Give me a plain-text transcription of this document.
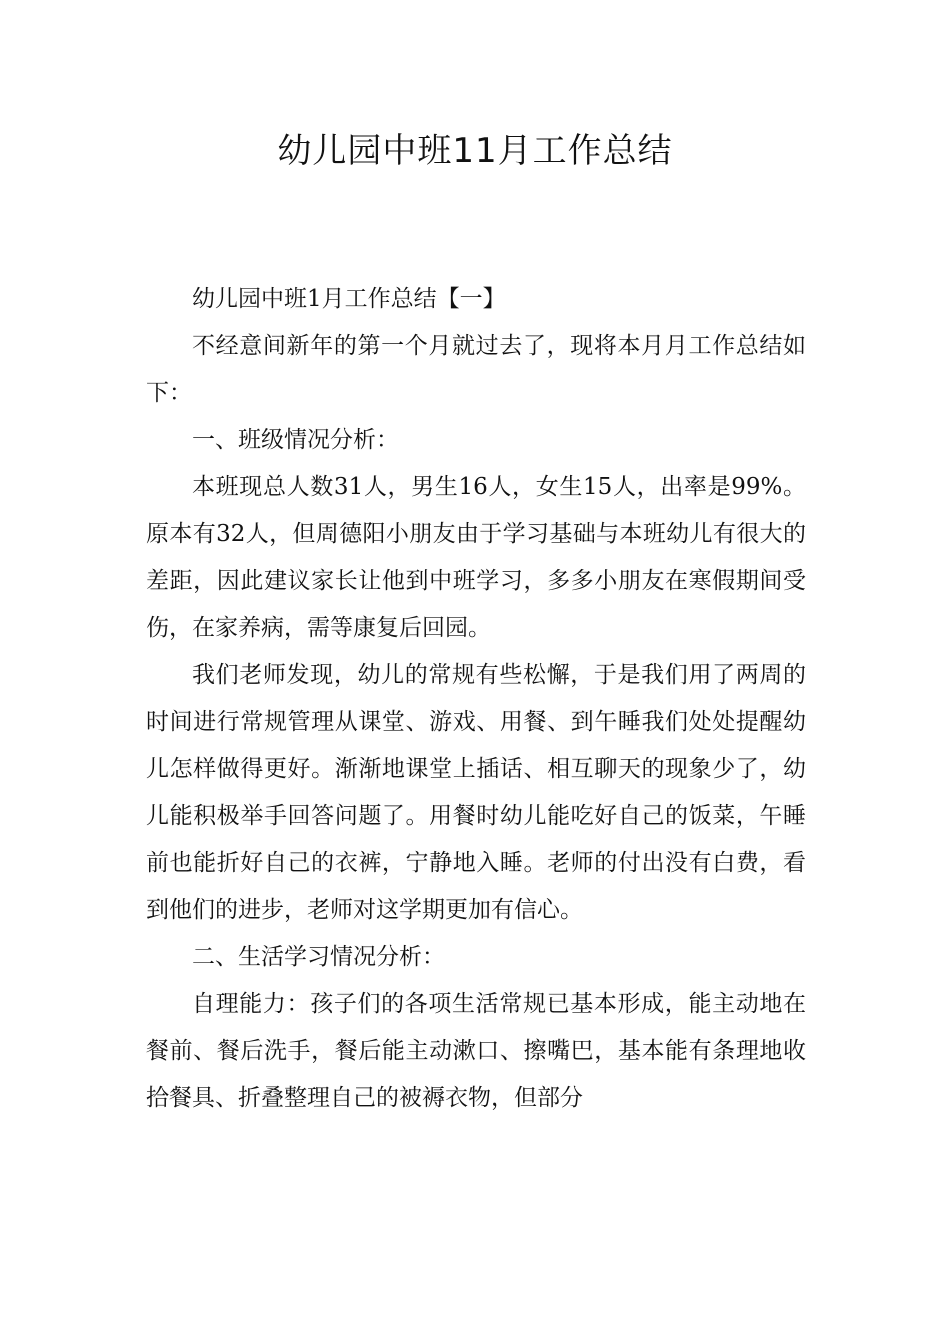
幼儿园中班11月工作总结

幼儿园中班1月工作总结【一】

不经意间新年的第一个月就过去了，现将本月月工作总结如下：

一、班级情况分析：

本班现总人数31人，男生16人，女生15人，出率是99%。原本有32人，但周德阳小朋友由于学习基础与本班幼儿有很大的差距，因此建议家长让他到中班学习，多多小朋友在寒假期间受伤，在家养病，需等康复后回园。

我们老师发现，幼儿的常规有些松懈，于是我们用了两周的时间进行常规管理从课堂、游戏、用餐、到午睡我们处处提醒幼儿怎样做得更好。渐渐地课堂上插话、相互聊天的现象少了，幼儿能积极举手回答问题了。用餐时幼儿能吃好自己的饭菜，午睡前也能折好自己的衣裤，宁静地入睡。老师的付出没有白费，看到他们的进步，老师对这学期更加有信心。

二、生活学习情况分析：

自理能力：孩子们的各项生活常规已基本形成，能主动地在餐前、餐后洗手，餐后能主动漱口、擦嘴巴，基本能有条理地收拾餐具、折叠整理自己的被褥衣物，但部分
